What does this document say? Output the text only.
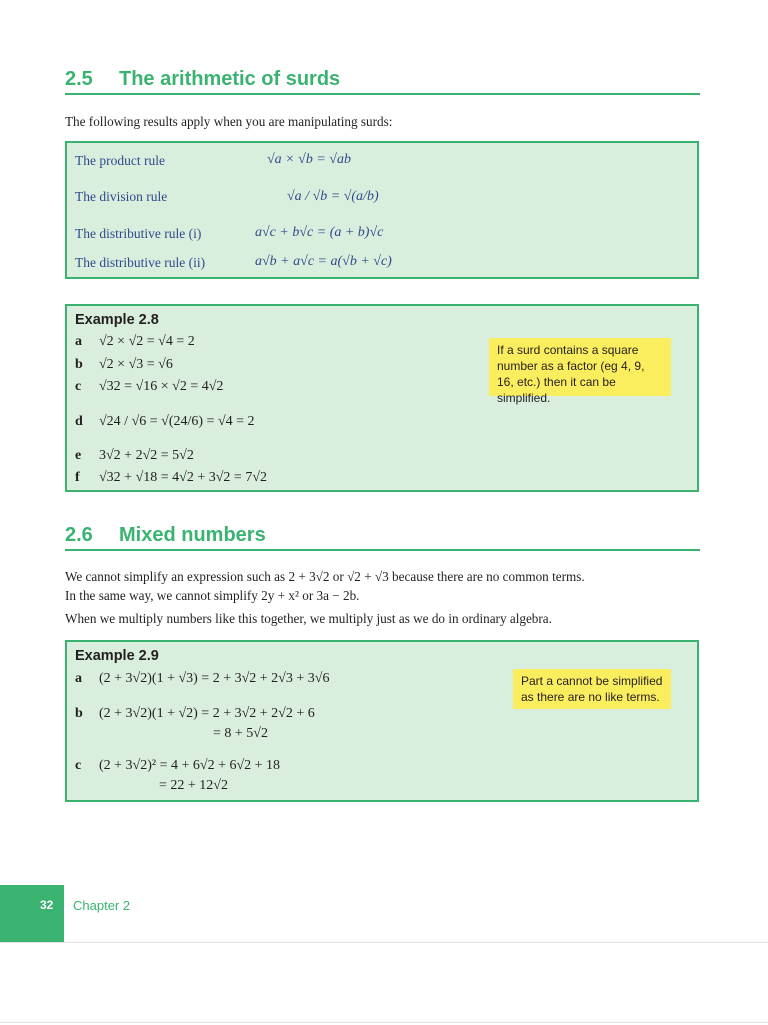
2.5 The arithmetic of surds
The following results apply when you are manipulating surds:
The product rule	√a × √b = √ab
The division rule	√a / √b = √(a/b)
The distributive rule (i)	a√c + b√c = (a + b)√c
The distributive rule (ii)	a√b + a√c = a(√b + √c)
Example 2.8
a √2 × √2 = √4 = 2
b √2 × √3 = √6
c √32 = √16 × √2 = 4√2
d √24 / √6 = √(24/6) = √4 = 2
e 3√2 + 2√2 = 5√2
f √32 + √18 = 4√2 + 3√2 = 7√2
If a surd contains a square number as a factor (eg 4, 9, 16, etc.) then it can be simplified.
2.6 Mixed numbers
We cannot simplify an expression such as 2 + 3√2 or √2 + √3 because there are no common terms.
In the same way, we cannot simplify 2y + x² or 3a − 2b.
When we multiply numbers like this together, we multiply just as we do in ordinary algebra.
Example 2.9
a (2 + 3√2)(1 + √3) = 2 + 3√2 + 2√3 + 3√6
b (2 + 3√2)(1 + √2) = 2 + 3√2 + 2√2 + 6
= 8 + 5√2
c (2 + 3√2)² = 4 + 6√2 + 6√2 + 18
= 22 + 12√2
Part a cannot be simplified as there are no like terms.
32 Chapter 2
